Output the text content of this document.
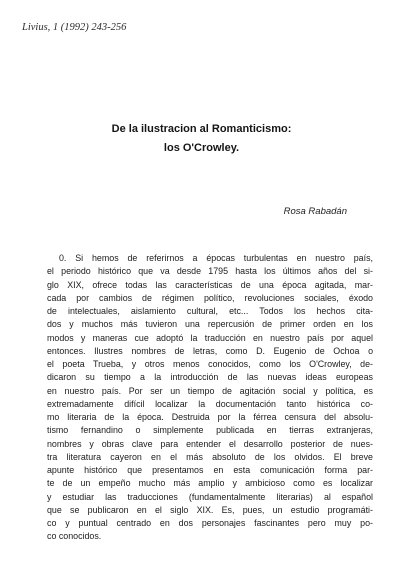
Livius, 1 (1992) 243-256
De la ilustracion al Romanticismo:
los O'Crowley.
Rosa Rabadán
0. Si hemos de referirnos a épocas turbulentas en nuestro país,
el periodo histórico que va desde 1795 hasta los últimos años del si-
glo XIX, ofrece todas las características de una época agitada, mar-
cada por cambios de régimen político, revoluciones sociales, éxodo
de intelectuales, aislamiento cultural, etc... Todos los hechos cita-
dos y muchos más tuvieron una repercusión de primer orden en los
modos y maneras cue adoptó la traducción en nuestro país por aquel
entonces. Ilustres nombres de letras, como D. Eugenio de Ochoa o
el poeta Trueba, y otros menos conocidos, como los O'Crowley, de-
dicaron su tiempo a la introducción de las nuevas ideas europeas
en nuestro país. Por ser un tiempo de agitación social y política, es
extremadamente difícil localizar la documentación tanto histórica co-
mo literaria de la época. Destruida por la férrea censura del absolu-
tismo fernandino o simplemente publicada en tierras extranjeras,
nombres y obras clave para entender el desarrollo posterior de nues-
tra literatura cayeron en el más absoluto de los olvidos. El breve
apunte histórico que presentamos en esta comunicación forma par-
te de un empeño mucho más amplio y ambicioso como es localizar
y estudiar las traducciones (fundamentalmente literarias) al español
que se publicaron en el siglo XIX. Es, pues, un estudio programáti-
co y puntual centrado en dos personajes fascinantes pero muy po-
co conocidos.
